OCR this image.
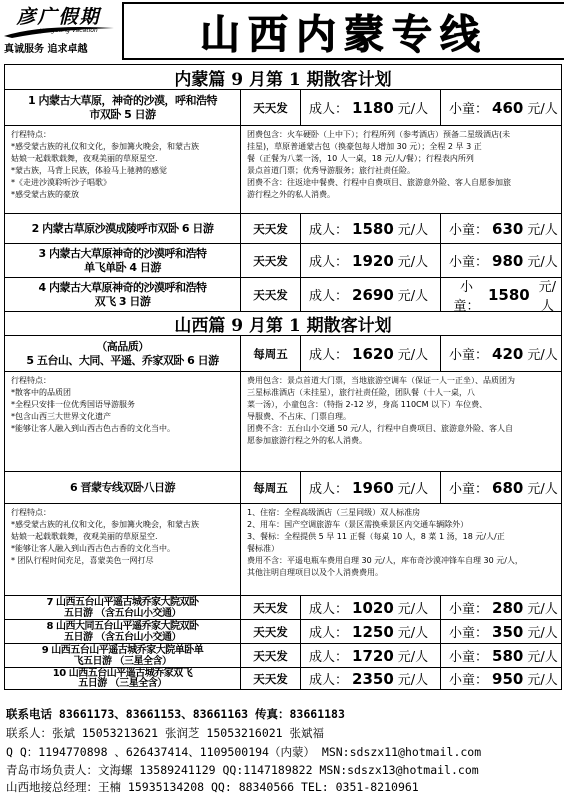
彦广假期
yanguang Vacation
真诚服务 追求卓越	山西内蒙专线
内蒙篇 9 月第 1 期散客计划
1 内蒙古大草原，神奇的沙漠，呼和浩特
市双卧 5 日游	天天发	成人： 1180 元/人 小童： 460 元/人
行程特点：
*感受蒙古族的礼仪和文化，参加篝火晚会，和蒙古族
姑娘一起载歌载舞，夜观美丽的草原星空.
*蒙古族，马背上民族，体验马上驰骋的感觉
*《走进沙漠聆听沙子唱歌》
*感受蒙古族的豪放
团费包含：火车硬卧（上中下）；行程所列（参考酒店）预备二星级酒店(未
挂星)，草原普通蒙古包（换豪包每人增加 30 元）；全程 2 早 3 正
餐（正餐为八菜一汤，10 人一桌，18 元/人/餐）；行程表内所列
景点首道门票；优秀导游服务；旅行社责任险。
团费不含：往返途中餐费、行程中自费项目、旅游意外险、客人自愿参加旅
游行程之外的私人消费。
2 内蒙古草原沙漠成陵呼市双卧 6 日游	天天发	成人： 1580 元/人 小童： 630 元/人
3 内蒙古大草原神奇的沙漠呼和浩特
单飞单卧 4 日游	天天发	成人： 1920 元/人 小童： 980 元/人
4 内蒙古大草原神奇的沙漠呼和浩特
双飞 3 日游	天天发	成人： 2690 元/人
小童：
1580 元/人
山西篇 9 月第 1 期散客计划
（高品质）
5 五台山、大同、平遥、乔家双卧 6 日游	每周五	成人： 1620 元/人 小童： 420 元/人
行程特点：
*散客中的品质团
*全程只安排一位优秀国语导游服务
*包含山西三大世界文化遗产
*能够让客人融入到山西古色古香的文化当中。
费用包含：景点首道大门票，当地旅游空调车（保证一人一正坐）、品质团为
三星标准酒店（未挂星），旅行社责任险，团队餐（十人一桌，八
菜一汤），小童包含：（特指 2-12 岁，身高 110CM 以下）车位费、
导服费、不占床、门票自理。
团费不含：五台山小交通 50 元/人，行程中自费项目、旅游意外险、客人自
愿参加旅游行程之外的私人消费。
6 晋蒙专线双卧八日游	每周五	成人： 1960 元/人 小童： 680 元/人
行程特点：
*感受蒙古族的礼仪和文化，参加篝火晚会，和蒙古族
姑娘一起载歌载舞，夜观美丽的草原星空.
*能够让客人融入到山西古色古香的文化当中。
* 团队行程时间充足，喜蒙美色一网打尽
1、住宿：全程高级酒店（三星同级）双人标准房
2、用车：国产空调旅游车（景区需换乘景区内交通车辆除外）
3、餐标：全程提供 5 早 11 正餐（每桌 10 人，8 菜 1 汤，18 元/人/正
餐标准）
费用不含：平遥电瓶车费用自理 30 元/人，库布奇沙漠冲锋车自理 30 元/人，
其他注明自理项目以及个人消费费用。
7 山西五台山平遥古城乔家大院双卧
五日游 （含五台山小交通）	天天发	成人： 1020 元/人 小童： 280 元/人
8 山西大同五台山平遥乔家大院双卧
五日游 （含五台山小交通）	天天发	成人： 1250 元/人 小童： 350 元/人
9 山西五台山平遥古城乔家大院单卧单
飞五日游 （三星全含）	天天发	成人： 1720 元/人 小童： 580 元/人
10 山西五台山平遥古城乔家双飞
五日游 （三星全含）	天天发	成人： 2350 元/人 小童： 950 元/人
联系电话 83661173、83661153、83661163 传真：83661183
联系人：张斌 15053213621 张润芝 15053216021 张斌福
Q Q：1194770898 、626437414、1109500194（内蒙） MSN:sdszx11@hotmail.com
青岛市场负责人：文海螺 13589241129 QQ:1147189822 MSN:sdszx13@hotmail.com
山西地接总经理：王楠 15935134208 QQ: 88340566 TEL: 0351-8210961
